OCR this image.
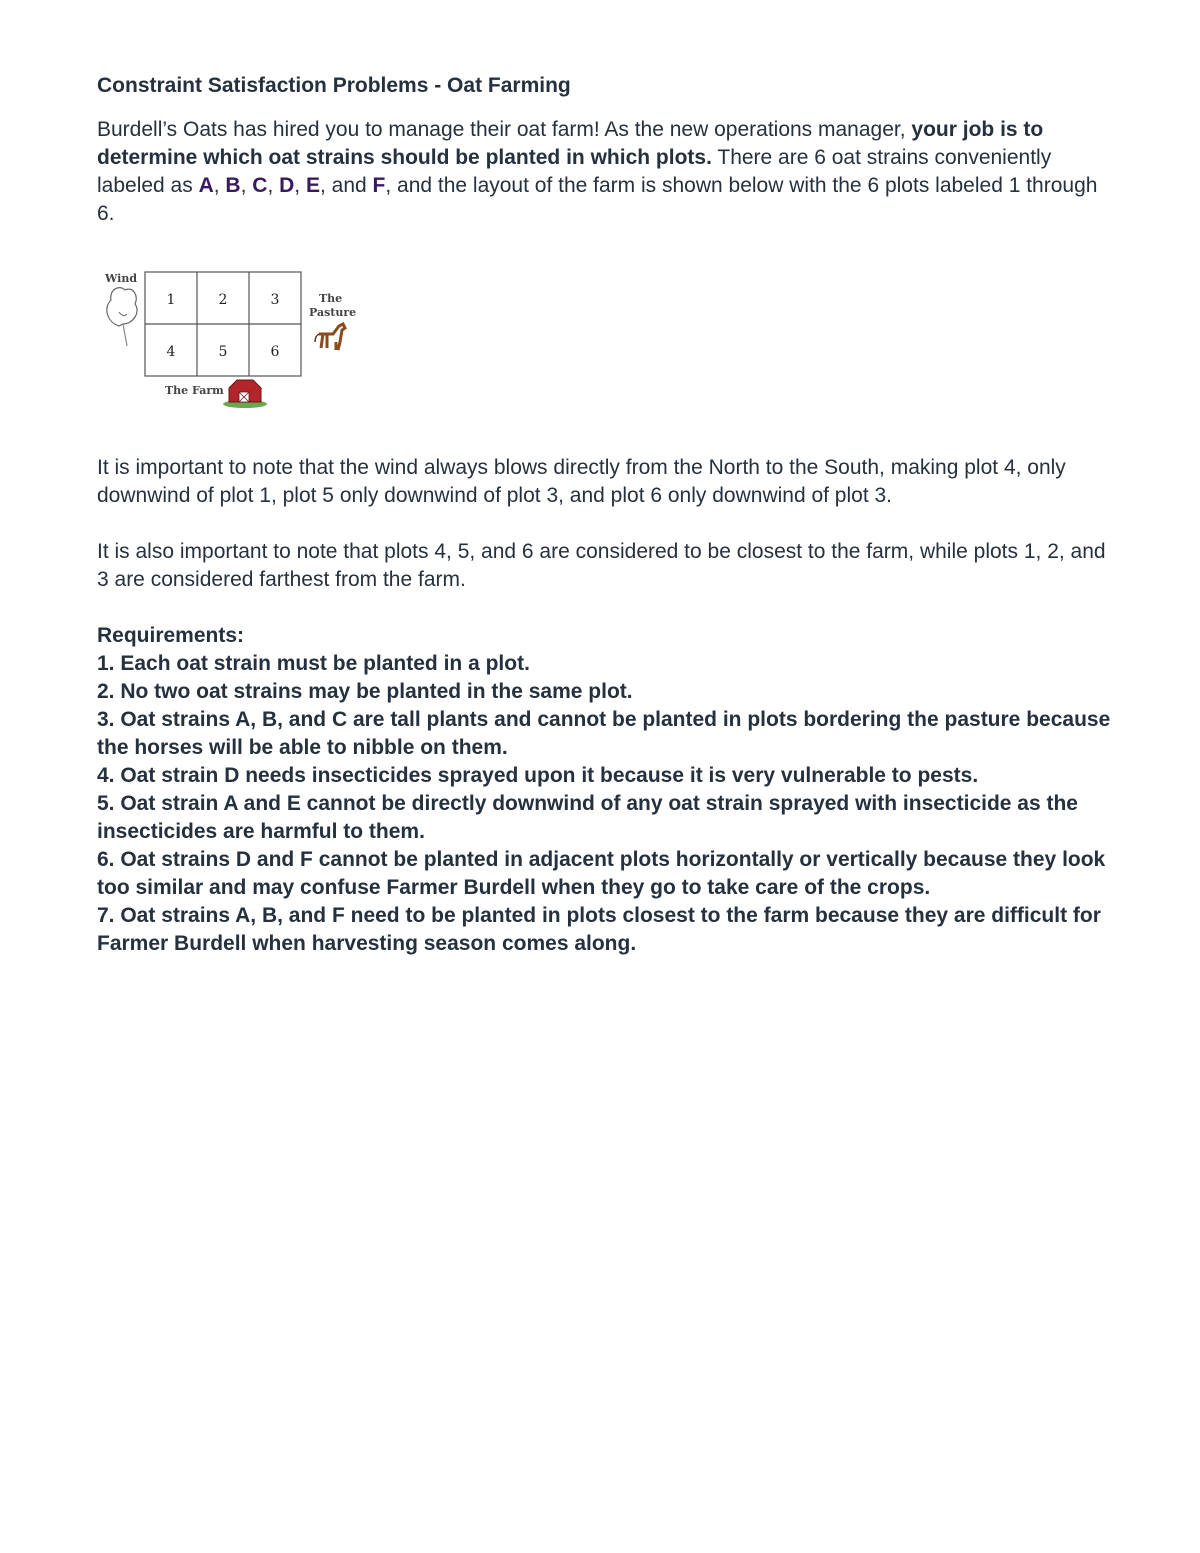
Constraint Satisfaction Problems - Oat Farming

Burdell’s Oats has hired you to manage their oat farm! As the new operations manager, your job is to determine which oat strains should be planted in which plots. There are 6 oat strains conveniently labeled as A, B, C, D, E, and F, and the layout of the farm is shown below with the 6 plots labeled 1 through 6.

1	2	3
4	5	6
Wind
The
Pasture
The Farm

It is important to note that the wind always blows directly from the North to the South, making plot 4, only downwind of plot 1, plot 5 only downwind of plot 3, and plot 6 only downwind of plot 3.

It is also important to note that plots 4, 5, and 6 are considered to be closest to the farm, while plots 1, 2, and 3 are considered farthest from the farm.

Requirements:
1. Each oat strain must be planted in a plot.
2. No two oat strains may be planted in the same plot.
3. Oat strains A, B, and C are tall plants and cannot be planted in plots bordering the pasture because the horses will be able to nibble on them.
4. Oat strain D needs insecticides sprayed upon it because it is very vulnerable to pests.
5. Oat strain A and E cannot be directly downwind of any oat strain sprayed with insecticide as the insecticides are harmful to them.
6. Oat strains D and F cannot be planted in adjacent plots horizontally or vertically because they look too similar and may confuse Farmer Burdell when they go to take care of the crops.
7. Oat strains A, B, and F need to be planted in plots closest to the farm because they are difficult for Farmer Burdell when harvesting season comes along.
